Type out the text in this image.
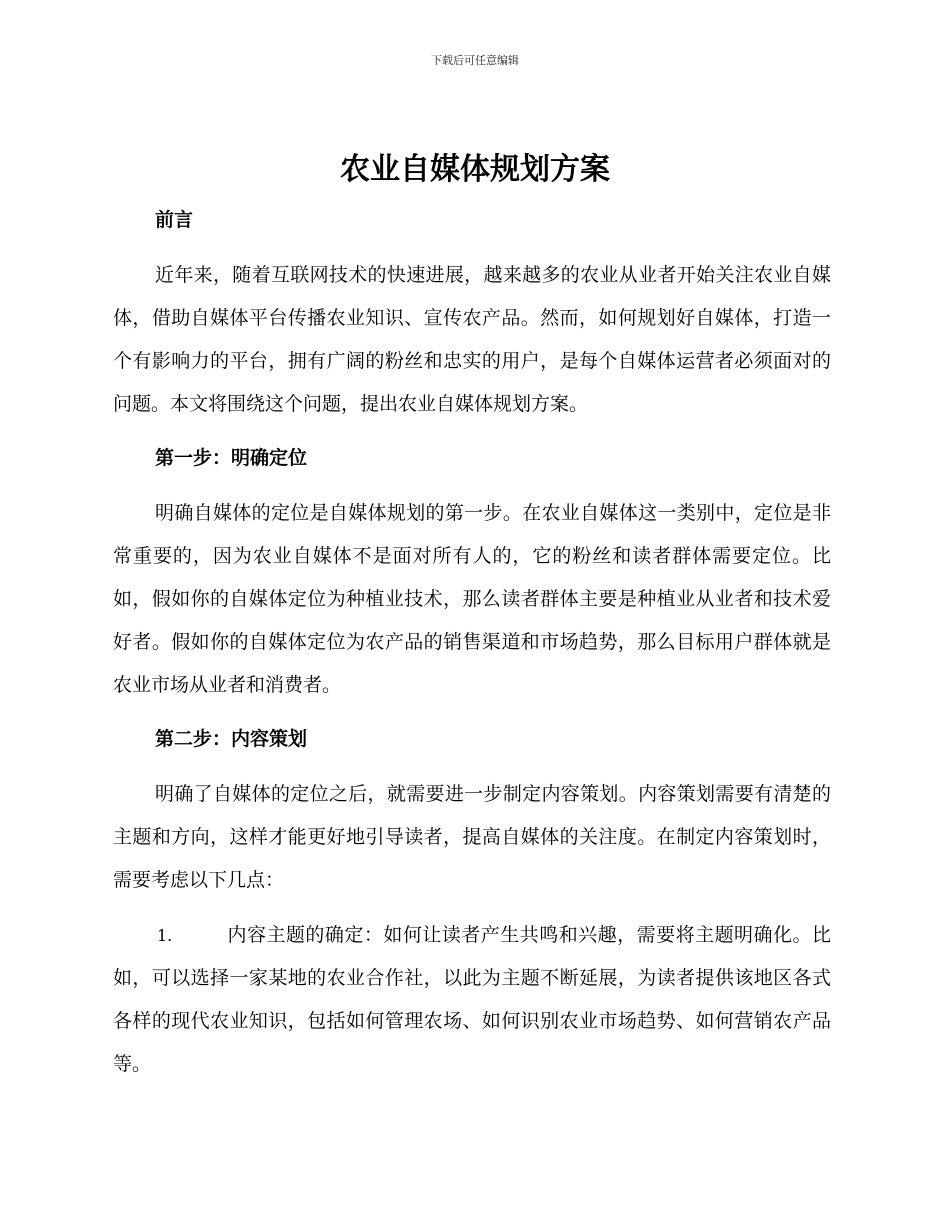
下载后可任意编辑
农业自媒体规划方案
前言

近年来，随着互联网技术的快速进展，越来越多的农业从业者开始关注农业自媒体，借助自媒体平台传播农业知识、宣传农产品。然而，如何规划好自媒体，打造一个有影响力的平台，拥有广阔的粉丝和忠实的用户，是每个自媒体运营者必须面对的问题。本文将围绕这个问题，提出农业自媒体规划方案。

第一步：明确定位

明确自媒体的定位是自媒体规划的第一步。在农业自媒体这一类别中，定位是非常重要的，因为农业自媒体不是面对所有人的，它的粉丝和读者群体需要定位。比如，假如你的自媒体定位为种植业技术，那么读者群体主要是种植业从业者和技术爱好者。假如你的自媒体定位为农产品的销售渠道和市场趋势，那么目标用户群体就是农业市场从业者和消费者。

第二步：内容策划

明确了自媒体的定位之后，就需要进一步制定内容策划。内容策划需要有清楚的主题和方向，这样才能更好地引导读者，提高自媒体的关注度。在制定内容策划时，需要考虑以下几点：

1.	内容主题的确定：如何让读者产生共鸣和兴趣，需要将主题明确化。比如，可以选择一家某地的农业合作社，以此为主题不断延展，为读者提供该地区各式各样的现代农业知识，包括如何管理农场、如何识别农业市场趋势、如何营销农产品等。
